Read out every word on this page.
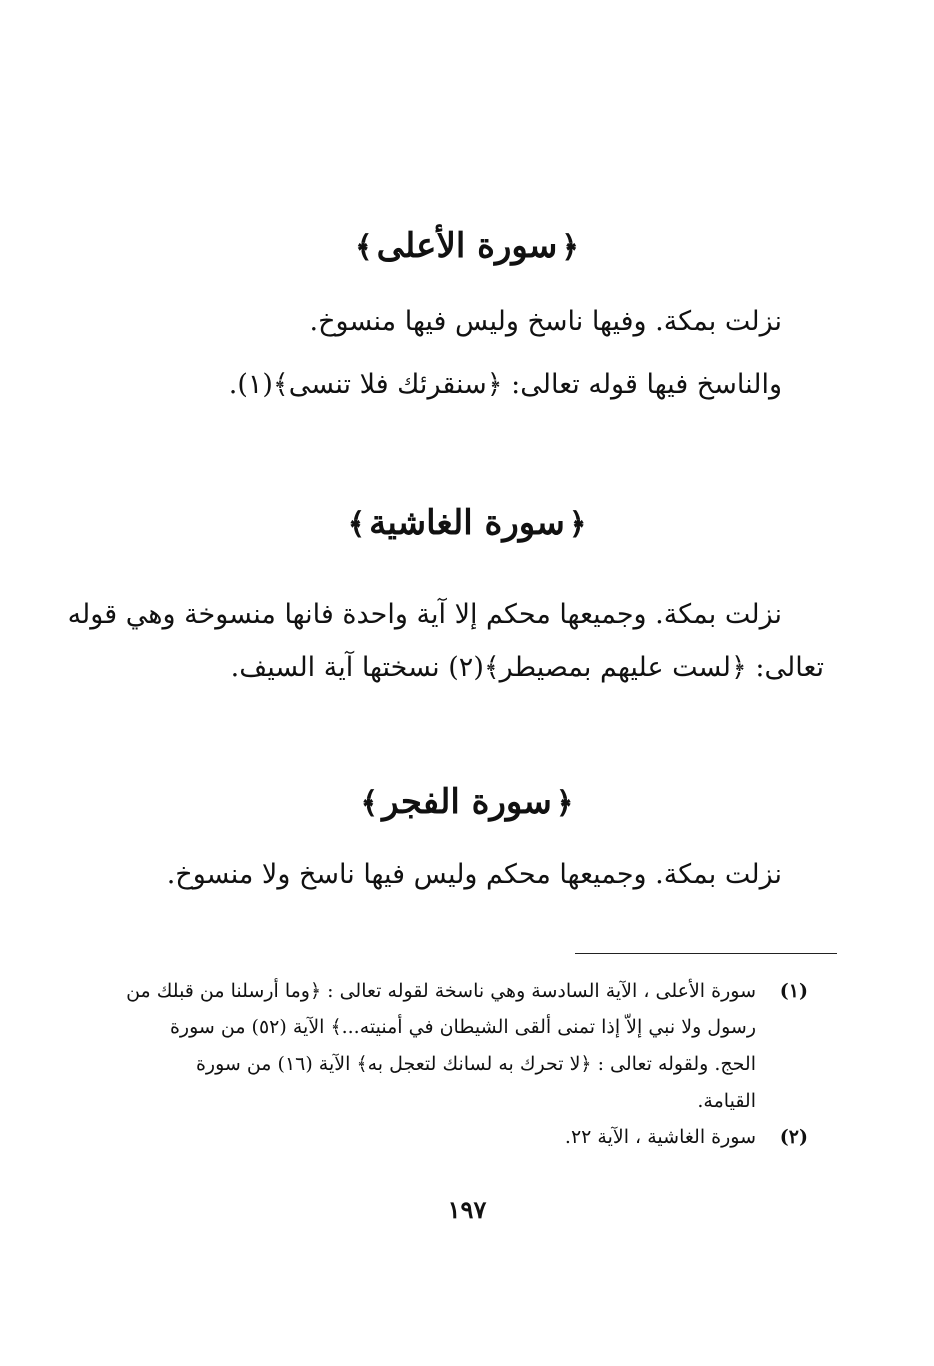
﴿سورة الأعلى﴾
نزلت بمكة. وفيها ناسخ وليس فيها منسوخ.
والناسخ فيها قوله تعالى: ﴿سنقرئك فلا تنسى﴾(١).
﴿سورة الغاشية﴾
نزلت بمكة. وجميعها محكم إلا آية واحدة فانها منسوخة وهي قوله
تعالى: ﴿لست عليهم بمصيطر﴾(٢) نسختها آية السيف.
﴿سورة الفجر﴾
نزلت بمكة. وجميعها محكم وليس فيها ناسخ ولا منسوخ.
(١)
سورة الأعلى ، الآية السادسة وهي ناسخة لقوله تعالى : ﴿وما أرسلنا من قبلك من
رسول ولا نبي إلاّ إذا تمنى ألقى الشيطان في أمنيته...﴾ الآية (٥٢) من سورة
الحج. ولقوله تعالى : ﴿لا تحرك به لسانك لتعجل به﴾ الآية (١٦) من سورة
القيامة.
(٢)
سورة الغاشية ، الآية ٢٢.
١٩٧
